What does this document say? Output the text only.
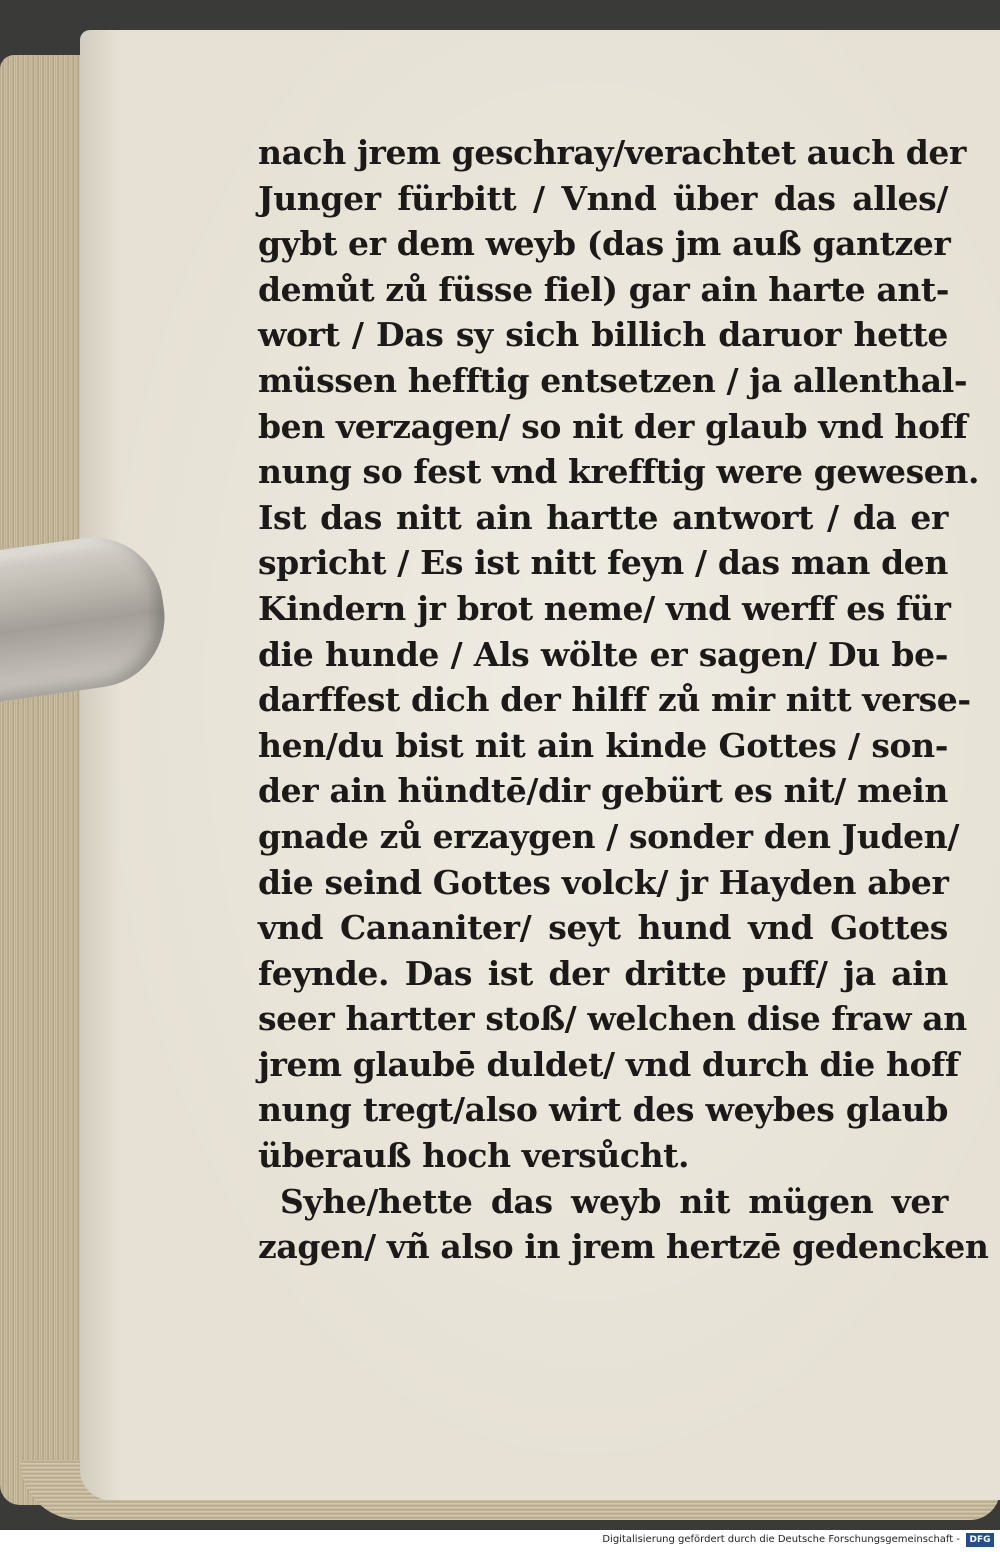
nach jrem geschray/verachtet auch der
Junger fürbitt / Vnnd über das alles/
gybt er dem weyb (das jm auß gantzer
demůt zů füsse fiel) gar ain harte ant-
wort / Das sy sich billich daruor hette
müssen hefftig entsetzen / ja allenthal-
ben verzagen/ so nit der glaub vnd hoff
nung so fest vnd krefftig were gewesen.
Ist das nitt ain hartte antwort / da er
spricht / Es ist nitt feyn / das man den
Kindern jr brot neme/ vnd werff es für
die hunde / Als wölte er sagen/ Du be-
darffest dich der hilff zů mir nitt verse-
hen/du bist nit ain kinde Gottes / son-
der ain hündtē/dir gebürt es nit/ mein
gnade zů erzaygen / sonder den Juden/
die seind Gottes volck/ jr Hayden aber
vnd Cananiter/ seyt hund vnd Gottes
feynde. Das ist der dritte puff/ ja ain
seer hartter stoß/ welchen dise fraw an
jrem glaubē duldet/ vnd durch die hoff
nung tregt/also wirt des weybes glaub
überauß hoch versůcht.
Syhe/hette das weyb nit mügen ver
zagen/ vñ also in jrem hertzē gedencken
Digitalisierung gefördert durch die Deutsche Forschungsgemeinschaft -	DFG
